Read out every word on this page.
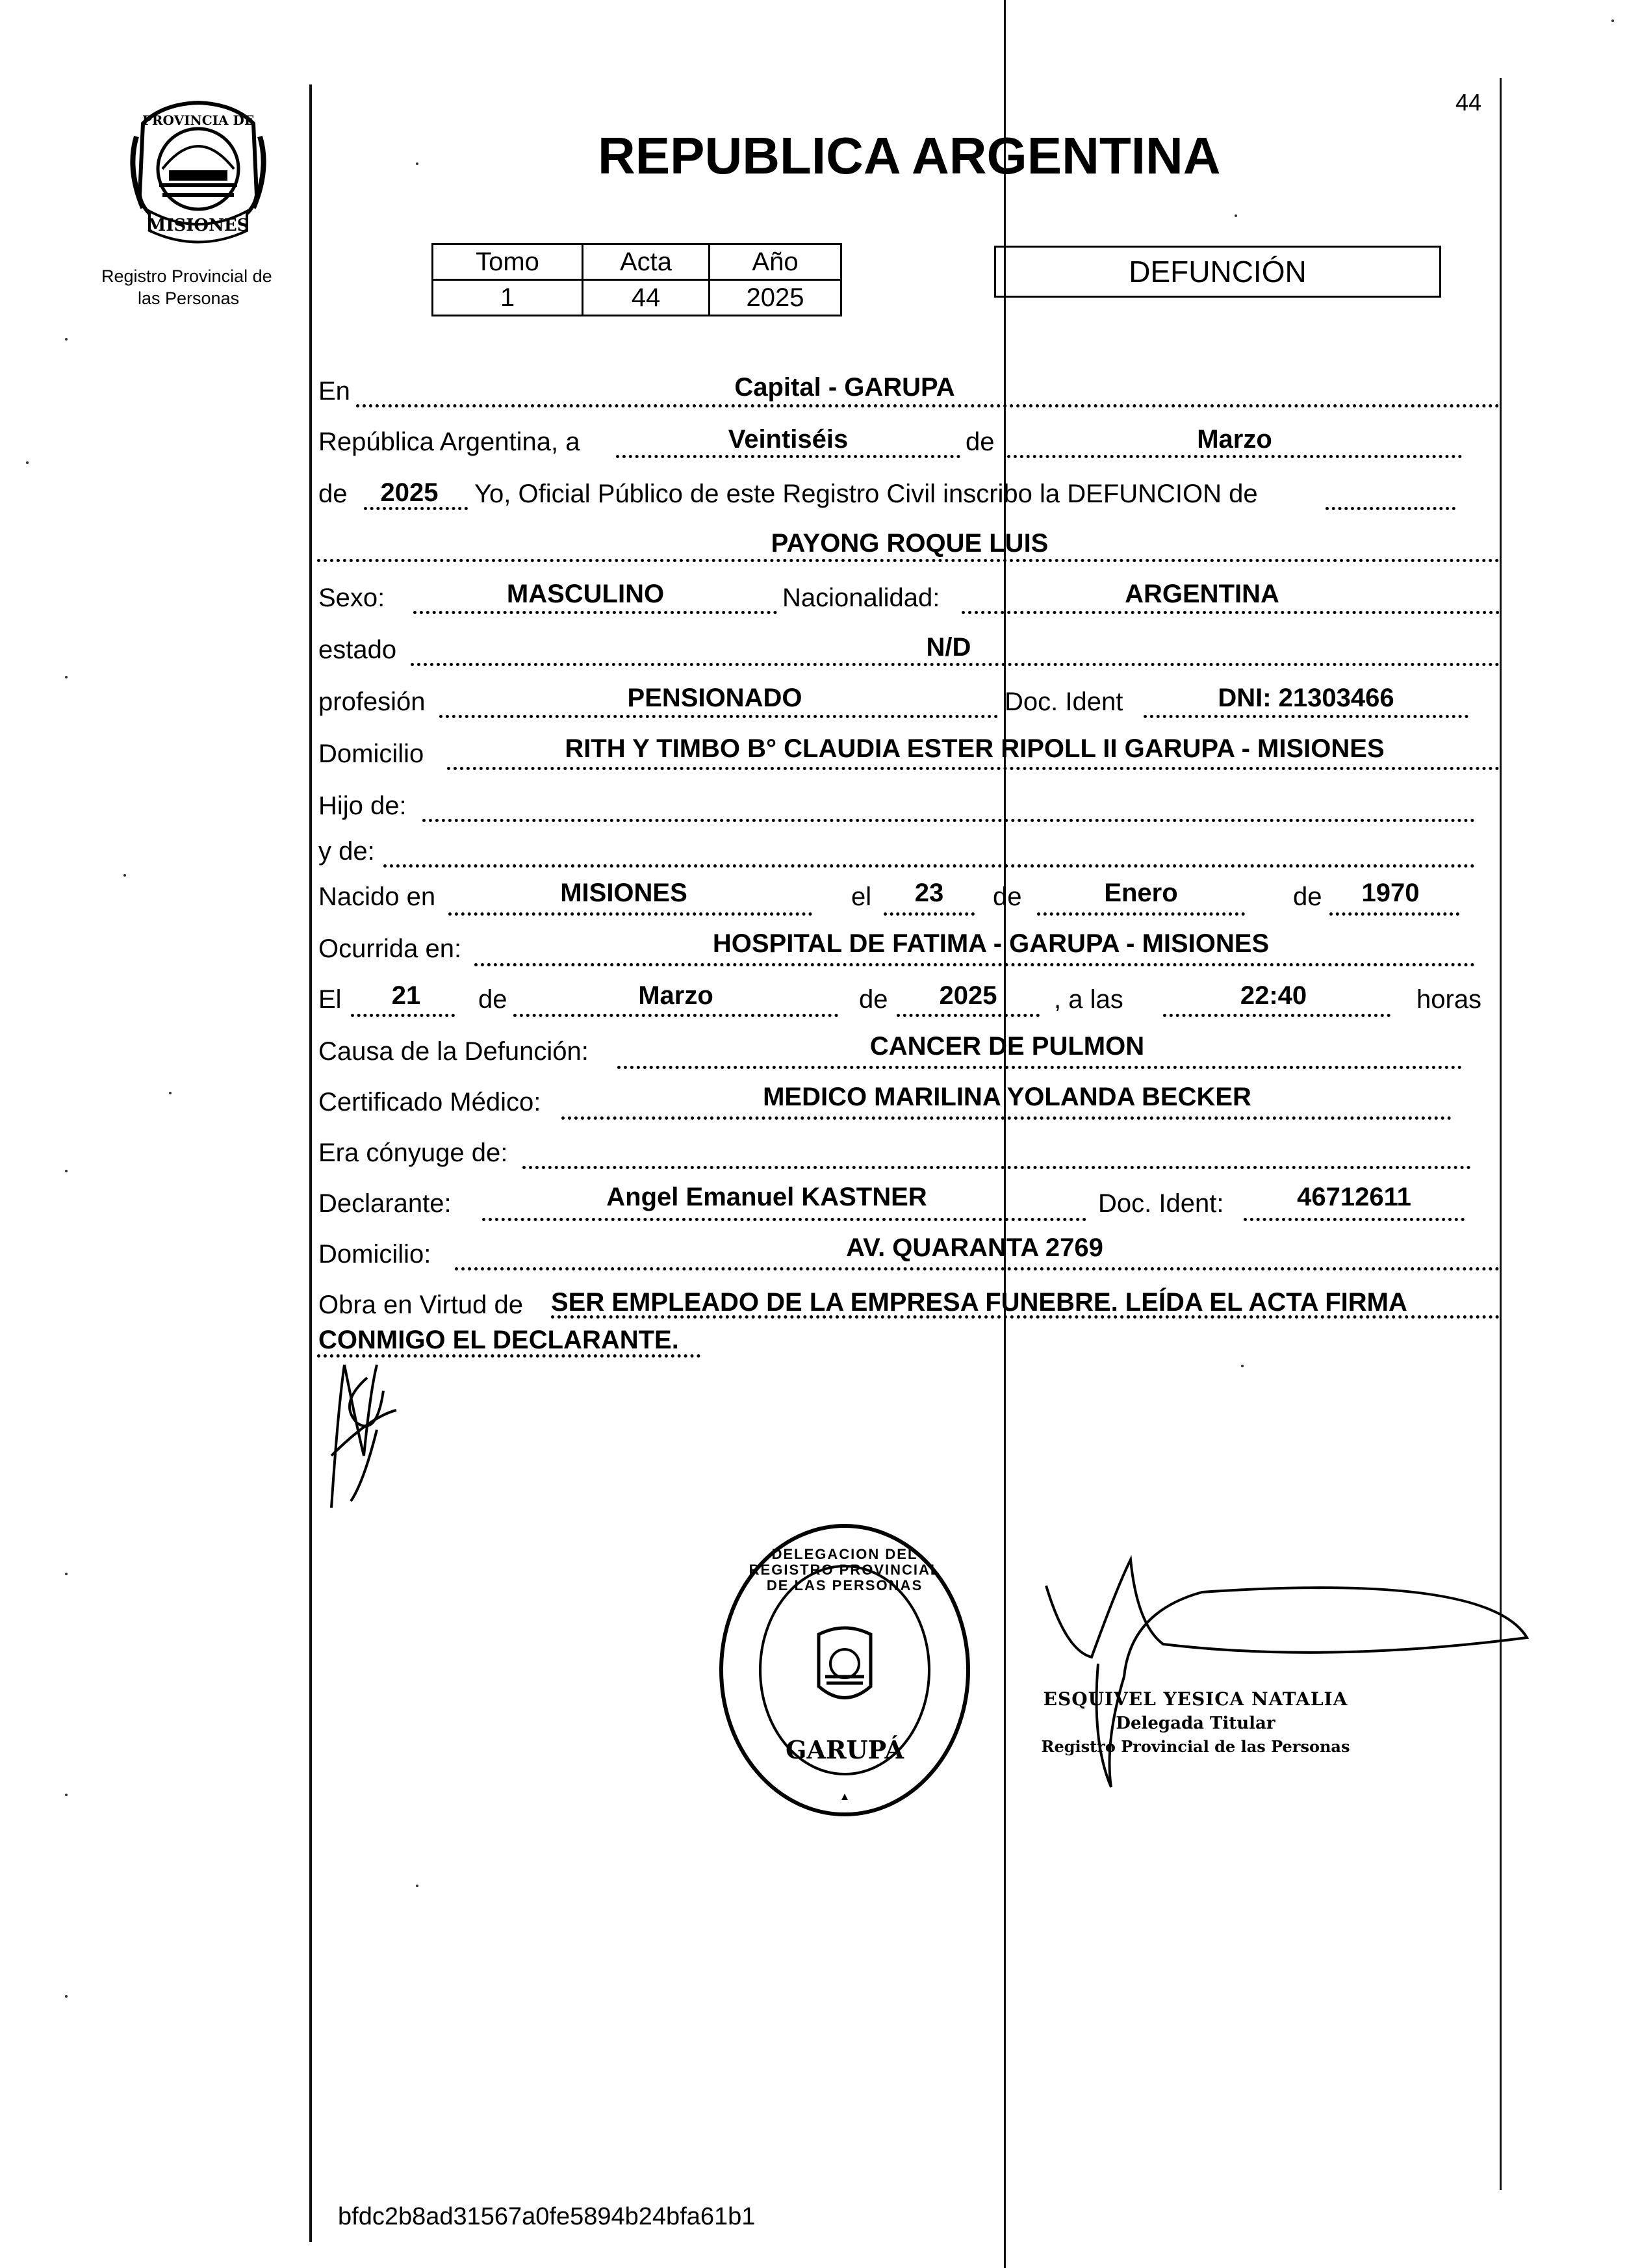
44
PROVINCIA DE
MISIONES
Registro Provincial de
las Personas
REPUBLICA ARGENTINA
Tomo	Acta	Año
1	44	2025
DEFUNCIÓN
En	Capital - GARUPA
República Argentina, a	Veintiséis	de	Marzo
de	2025	Yo, Oficial Público de este Registro Civil inscribo la DEFUNCION de
PAYONG ROQUE LUIS
Sexo:	MASCULINO	Nacionalidad:	ARGENTINA
estado	N/D
profesión	PENSIONADO	Doc. Ident	DNI: 21303466
Domicilio	RITH Y TIMBO B° CLAUDIA ESTER RIPOLL II GARUPA - MISIONES
Hijo de:
y de:
Nacido en	MISIONES	el	23	de	Enero	de	1970
Ocurrida en:	HOSPITAL DE FATIMA - GARUPA - MISIONES
El	21	de	Marzo	de	2025	, a las	22:40	horas
Causa de la Defunción:	CANCER DE PULMON
Certificado Médico:	MEDICO MARILINA YOLANDA BECKER
Era cónyuge de:
Declarante:	Angel Emanuel KASTNER	Doc. Ident:	46712611
Domicilio:	AV. QUARANTA 2769
Obra en Virtud de SER EMPLEADO DE LA EMPRESA FUNEBRE. LEÍDA EL ACTA FIRMA
CONMIGO EL DECLARANTE.
DELEGACION DEL REGISTRO PROVINCIAL DE LAS PERSONAS
GARUPÁ
ESQUIVEL YESICA NATALIA
Delegada Titular
Registro Provincial de las Personas
bfdc2b8ad31567a0fe5894b24bfa61b1
